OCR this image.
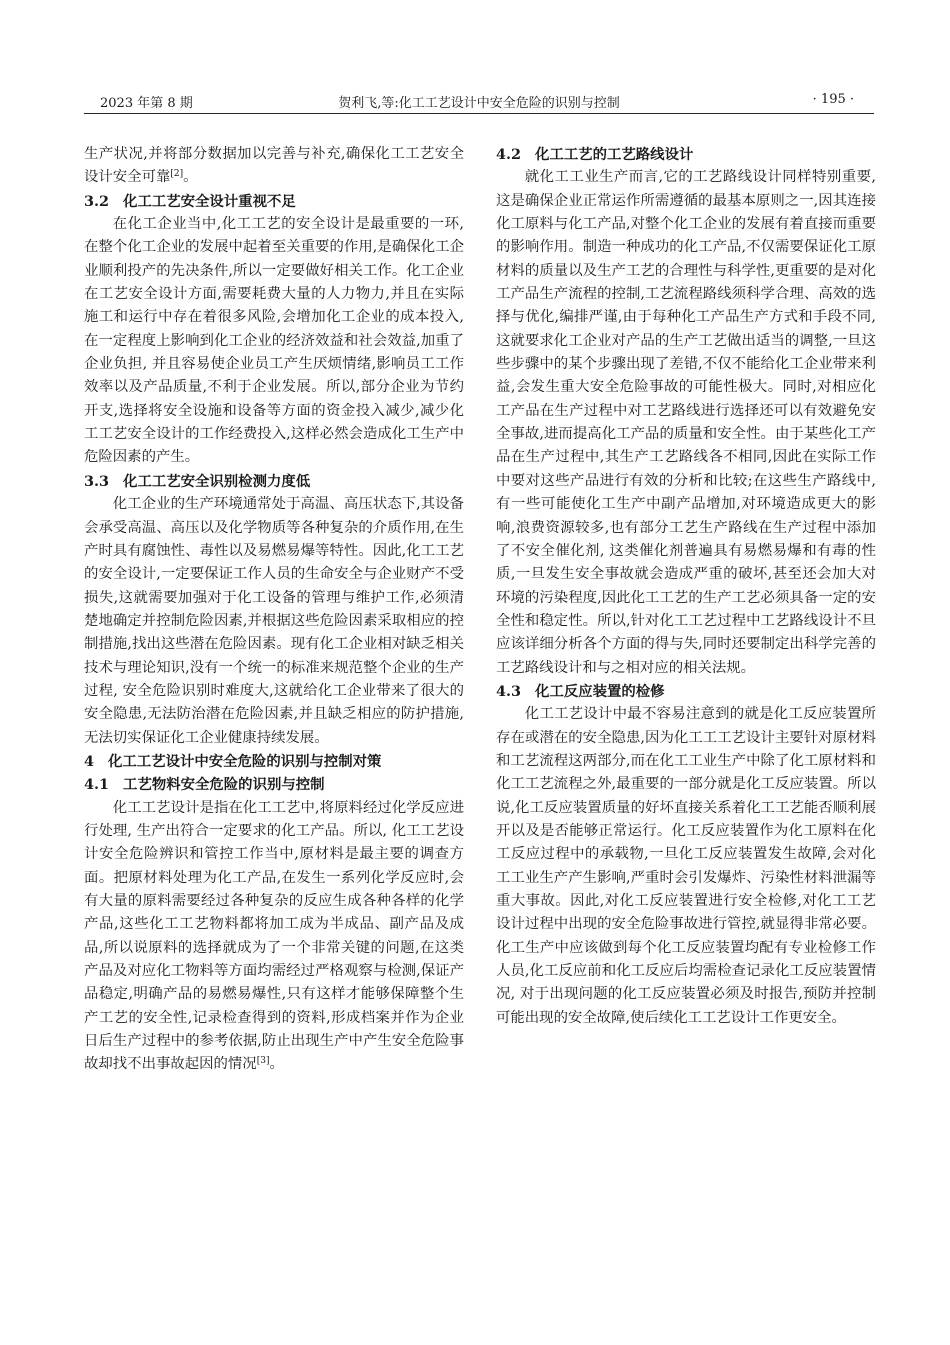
2023 年第 8 期	贺利飞,等:化工工艺设计中安全危险的识别与控制	· 195 ·

生产状况,并将部分数据加以完善与补充,确保化工工艺安全设计安全可靠[2]。

3.2 化工工艺安全设计重视不足

在化工企业当中,化工工艺的安全设计是最重要的一环,在整个化工企业的发展中起着至关重要的作用,是确保化工企业顺利投产的先决条件,所以一定要做好相关工作。化工企业在工艺安全设计方面,需要耗费大量的人力物力,并且在实际施工和运行中存在着很多风险,会增加化工企业的成本投入,在一定程度上影响到化工企业的经济效益和社会效益,加重了企业负担, 并且容易使企业员工产生厌烦情绪,影响员工工作效率以及产品质量,不利于企业发展。所以,部分企业为节约开支,选择将安全设施和设备等方面的资金投入减少,减少化工工艺安全设计的工作经费投入,这样必然会造成化工生产中危险因素的产生。

3.3 化工工艺安全识别检测力度低

化工企业的生产环境通常处于高温、高压状态下,其设备会承受高温、高压以及化学物质等各种复杂的介质作用,在生产时具有腐蚀性、毒性以及易燃易爆等特性。因此,化工工艺的安全设计,一定要保证工作人员的生命安全与企业财产不受损失,这就需要加强对于化工设备的管理与维护工作,必须清楚地确定并控制危险因素,并根据这些危险因素采取相应的控制措施,找出这些潜在危险因素。现有化工企业相对缺乏相关技术与理论知识,没有一个统一的标准来规范整个企业的生产过程, 安全危险识别时难度大,这就给化工企业带来了很大的安全隐患,无法防治潜在危险因素,并且缺乏相应的防护措施,无法切实保证化工企业健康持续发展。

4 化工工艺设计中安全危险的识别与控制对策
4.1 工艺物料安全危险的识别与控制

化工工艺设计是指在化工工艺中,将原料经过化学反应进行处理, 生产出符合一定要求的化工产品。所以, 化工工艺设计安全危险辨识和管控工作当中,原材料是最主要的调查方面。把原材料处理为化工产品,在发生一系列化学反应时,会有大量的原料需要经过各种复杂的反应生成各种各样的化学产品,这些化工工艺物料都将加工成为半成品、副产品及成品,所以说原料的选择就成为了一个非常关键的问题,在这类产品及对应化工物料等方面均需经过严格观察与检测,保证产品稳定,明确产品的易燃易爆性,只有这样才能够保障整个生产工艺的安全性,记录检查得到的资料,形成档案并作为企业日后生产过程中的参考依据,防止出现生产中产生安全危险事故却找不出事故起因的情况[3]。

4.2 化工工艺的工艺路线设计

就化工工业生产而言,它的工艺路线设计同样特别重要,这是确保企业正常运作所需遵循的最基本原则之一,因其连接化工原料与化工产品,对整个化工企业的发展有着直接而重要的影响作用。制造一种成功的化工产品,不仅需要保证化工原材料的质量以及生产工艺的合理性与科学性,更重要的是对化工产品生产流程的控制,工艺流程路线须科学合理、高效的选择与优化,编排严谨,由于每种化工产品生产方式和手段不同,这就要求化工企业对产品的生产工艺做出适当的调整,一旦这些步骤中的某个步骤出现了差错,不仅不能给化工企业带来利益,会发生重大安全危险事故的可能性极大。同时,对相应化工产品在生产过程中对工艺路线进行选择还可以有效避免安全事故,进而提高化工产品的质量和安全性。由于某些化工产品在生产过程中,其生产工艺路线各不相同,因此在实际工作中要对这些产品进行有效的分析和比较;在这些生产路线中,有一些可能使化工生产中副产品增加,对环境造成更大的影响,浪费资源较多,也有部分工艺生产路线在生产过程中添加了不安全催化剂, 这类催化剂普遍具有易燃易爆和有毒的性质,一旦发生安全事故就会造成严重的破坏,甚至还会加大对环境的污染程度,因此化工工艺的生产工艺必须具备一定的安全性和稳定性。所以,针对化工工艺过程中工艺路线设计不旦应该详细分析各个方面的得与失,同时还要制定出科学完善的工艺路线设计和与之相对应的相关法规。

4.3 化工反应装置的检修

化工工艺设计中最不容易注意到的就是化工反应装置所存在或潜在的安全隐患,因为化工工工艺设计主要针对原材料和工艺流程这两部分,而在化工工业生产中除了化工原材料和化工工艺流程之外,最重要的一部分就是化工反应装置。所以说,化工反应装置质量的好坏直接关系着化工工艺能否顺利展开以及是否能够正常运行。化工反应装置作为化工原料在化工反应过程中的承载物,一旦化工反应装置发生故障,会对化工工业生产产生影响,严重时会引发爆炸、污染性材料泄漏等重大事故。因此,对化工反应装置进行安全检修,对化工工艺设计过程中出现的安全危险事故进行管控,就显得非常必要。化工生产中应该做到每个化工反应装置均配有专业检修工作人员,化工反应前和化工反应后均需检查记录化工反应装置情况, 对于出现问题的化工反应装置必须及时报告,预防并控制可能出现的安全故障,使后续化工工艺设计工作更安全。
